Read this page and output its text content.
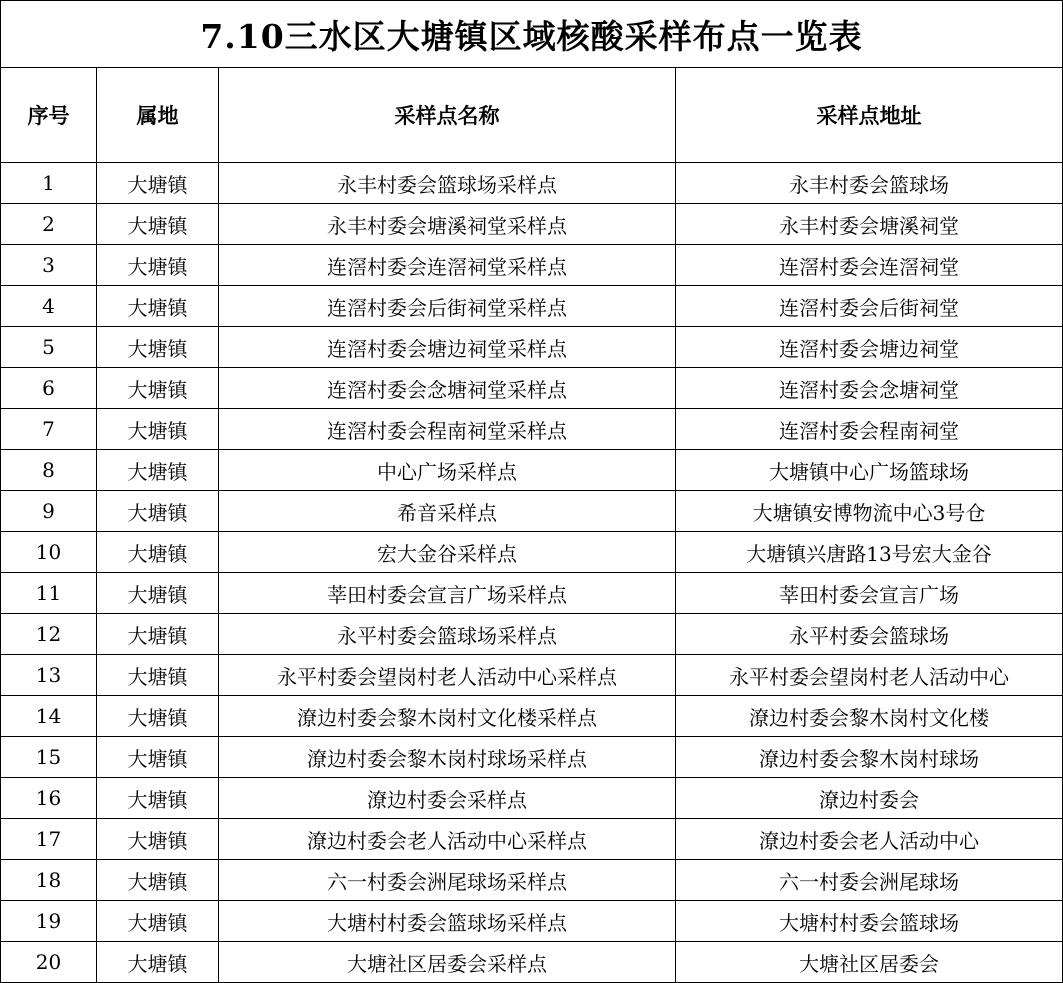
7.10三水区大塘镇区域核酸采样布点一览表			
序号	属地	采样点名称	采样点地址
1	大塘镇	永丰村委会篮球场采样点	永丰村委会篮球场
2	大塘镇	永丰村委会塘溪祠堂采样点	永丰村委会塘溪祠堂
3	大塘镇	连滘村委会连滘祠堂采样点	连滘村委会连滘祠堂
4	大塘镇	连滘村委会后街祠堂采样点	连滘村委会后街祠堂
5	大塘镇	连滘村委会塘边祠堂采样点	连滘村委会塘边祠堂
6	大塘镇	连滘村委会念塘祠堂采样点	连滘村委会念塘祠堂
7	大塘镇	连滘村委会程南祠堂采样点	连滘村委会程南祠堂
8	大塘镇	中心广场采样点	大塘镇中心广场篮球场
9	大塘镇	希音采样点	大塘镇安博物流中心3号仓
10	大塘镇	宏大金谷采样点	大塘镇兴唐路13号宏大金谷
11	大塘镇	莘田村委会宣言广场采样点	莘田村委会宣言广场
12	大塘镇	永平村委会篮球场采样点	永平村委会篮球场
13	大塘镇	永平村委会望岗村老人活动中心采样点	永平村委会望岗村老人活动中心
14	大塘镇	潦边村委会黎木岗村文化楼采样点	潦边村委会黎木岗村文化楼
15	大塘镇	潦边村委会黎木岗村球场采样点	潦边村委会黎木岗村球场
16	大塘镇	潦边村委会采样点	潦边村委会
17	大塘镇	潦边村委会老人活动中心采样点	潦边村委会老人活动中心
18	大塘镇	六一村委会洲尾球场采样点	六一村委会洲尾球场
19	大塘镇	大塘村村委会篮球场采样点	大塘村村委会篮球场
20	大塘镇	大塘社区居委会采样点	大塘社区居委会
